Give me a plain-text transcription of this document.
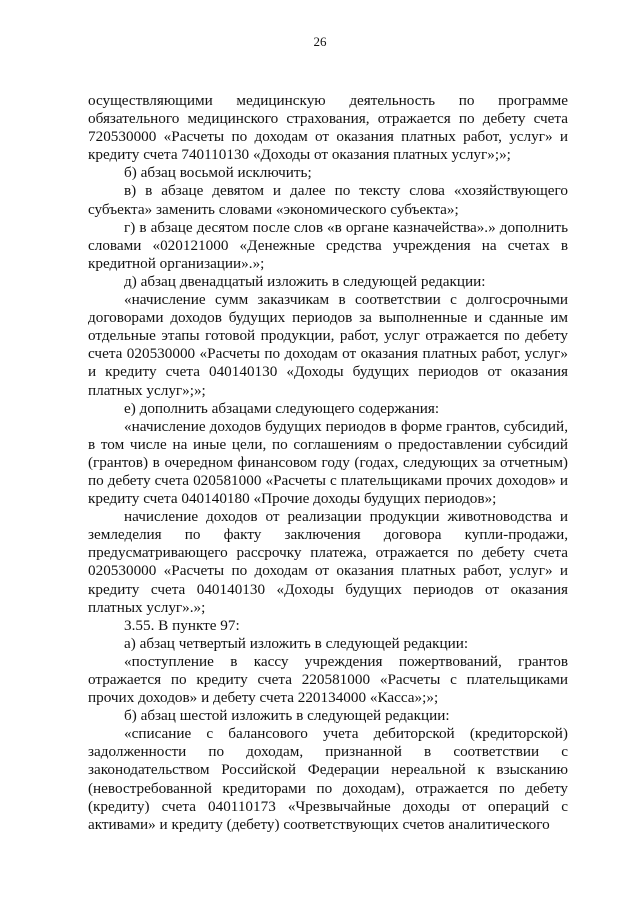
26

осуществляющими медицинскую деятельность по программе обязательного медицинского страхования, отражается по дебету счета 720530000 «Расчеты по доходам от оказания платных работ, услуг» и кредиту счета 740110130 «Доходы от оказания платных услуг»;»;

б) абзац восьмой исключить;

в) в абзаце девятом и далее по тексту слова «хозяйствующего субъекта» заменить словами «экономического субъекта»;

г) в абзаце десятом после слов «в органе казначейства».» дополнить словами «020121000 «Денежные средства учреждения на счетах в кредитной организации».»;

д) абзац двенадцатый изложить в следующей редакции:

«начисление сумм заказчикам в соответствии с долгосрочными договорами доходов будущих периодов за выполненные и сданные им отдельные этапы готовой продукции, работ, услуг отражается по дебету счета 020530000 «Расчеты по доходам от оказания платных работ, услуг» и кредиту счета 040140130 «Доходы будущих периодов от оказания платных услуг»;»;

е) дополнить абзацами следующего содержания:

«начисление доходов будущих периодов в форме грантов, субсидий, в том числе на иные цели, по соглашениям о предоставлении субсидий (грантов) в очередном финансовом году (годах, следующих за отчетным) по дебету счета 020581000 «Расчеты с плательщиками прочих доходов» и кредиту счета 040140180 «Прочие доходы будущих периодов»;

начисление доходов от реализации продукции животноводства и земледелия по факту заключения договора купли-продажи, предусматривающего рассрочку платежа, отражается по дебету счета 020530000 «Расчеты по доходам от оказания платных работ, услуг» и кредиту счета 040140130 «Доходы будущих периодов от оказания платных услуг».»;

3.55. В пункте 97:

а) абзац четвертый изложить в следующей редакции:

«поступление в кассу учреждения пожертвований, грантов отражается по кредиту счета 220581000 «Расчеты с плательщиками прочих доходов» и дебету счета 220134000 «Касса»;»;

б) абзац шестой изложить в следующей редакции:

«списание с балансового учета дебиторской (кредиторской) задолженности по доходам, признанной в соответствии с законодательством Российской Федерации нереальной к взысканию (невостребованной кредиторами по доходам), отражается по дебету (кредиту) счета 040110173 «Чрезвычайные доходы от операций с активами» и кредиту (дебету) соответствующих счетов аналитического
